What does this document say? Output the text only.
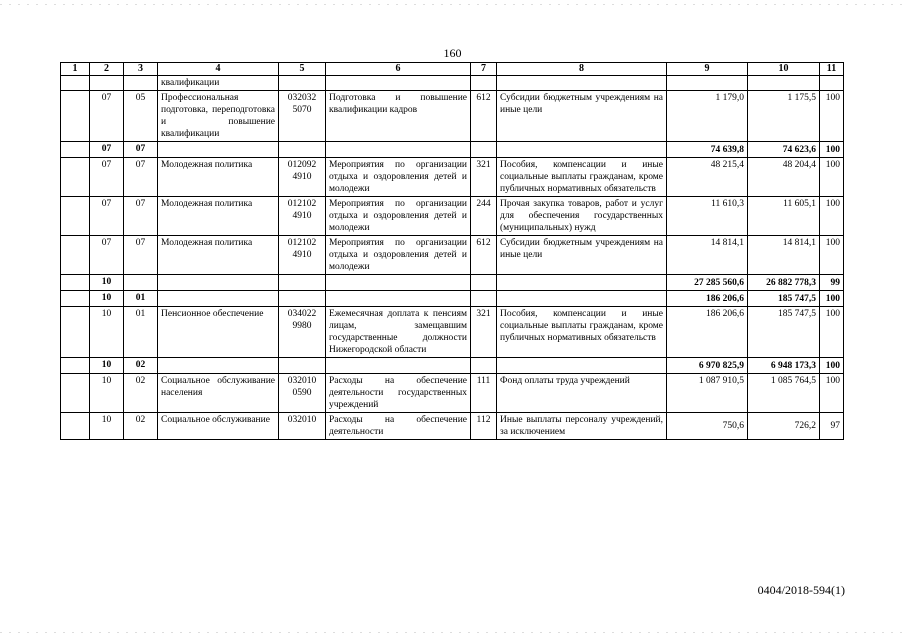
160
1	2	3	4	5	6	7	8	9	10	11
			квалификации							
	07	05	Профессиональная подготовка, переподготовка и повышение квалификации	032032 5070	Подготовка и повышение квалификации кадров	612	Субсидии бюджетным учреждениям на иные цели	1 179,0	1 175,5	100
	07	07						74 639,8	74 623,6	100
	07	07	Молодежная политика	012092 4910	Мероприятия по организации отдыха и оздоровления детей и молодежи	321	Пособия, компенсации и иные социальные выплаты гражданам, кроме публичных нормативных обязательств	48 215,4	48 204,4	100
	07	07	Молодежная политика	012102 4910	Мероприятия по организации отдыха и оздоровления детей и молодежи	244	Прочая закупка товаров, работ и услуг для обеспечения государственных (муниципальных) нужд	11 610,3	11 605,1	100
	07	07	Молодежная политика	012102 4910	Мероприятия по организации отдыха и оздоровления детей и молодежи	612	Субсидии бюджетным учреждениям на иные цели	14 814,1	14 814,1	100
	10							27 285 560,6	26 882 778,3	99
	10	01						186 206,6	185 747,5	100
	10	01	Пенсионное обеспечение	034022 9980	Ежемесячная доплата к пенсиям лицам, замещавшим государственные должности Нижегородской области	321	Пособия, компенсации и иные социальные выплаты гражданам, кроме публичных нормативных обязательств	186 206,6	185 747,5	100
	10	02						6 970 825,9	6 948 173,3	100
	10	02	Социальное обслуживание населения	032010 0590	Расходы на обеспечение деятельности государственных учреждений	111	Фонд оплаты труда учреждений	1 087 910,5	1 085 764,5	100
	10	02	Социальное обслуживание	032010	Расходы на обеспечение деятельности	112	Иные выплаты персоналу учреждений, за исключением	750,6	726,2	97
0404/2018-594(1)
